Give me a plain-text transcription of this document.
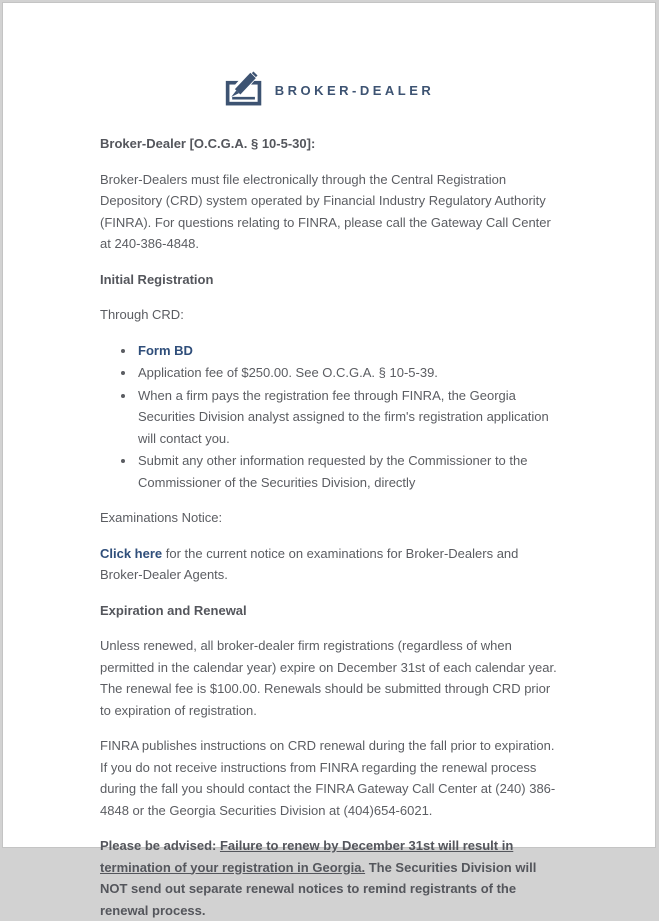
BROKER-DEALER
Broker-Dealer [O.C.G.A. § 10-5-30]:

Broker-Dealers must file electronically through the Central Registration Depository (CRD) system operated by Financial Industry Regulatory Authority (FINRA). For questions relating to FINRA, please call the Gateway Call Center at 240-386-4848.

Initial Registration

Through CRD:

• Form BD
• Application fee of $250.00. See O.C.G.A. § 10-5-39.
• When a firm pays the registration fee through FINRA, the Georgia Securities Division analyst assigned to the firm's registration application will contact you.
• Submit any other information requested by the Commissioner to the Commissioner of the Securities Division, directly

Examinations Notice:

Click here for the current notice on examinations for Broker-Dealers and Broker-Dealer Agents.

Expiration and Renewal

Unless renewed, all broker-dealer firm registrations (regardless of when permitted in the calendar year) expire on December 31st of each calendar year. The renewal fee is $100.00. Renewals should be submitted through CRD prior to expiration of registration.

FINRA publishes instructions on CRD renewal during the fall prior to expiration. If you do not receive instructions from FINRA regarding the renewal process during the fall you should contact the FINRA Gateway Call Center at (240) 386-4848 or the Georgia Securities Division at (404)654-6021.

Please be advised: Failure to renew by December 31st will result in termination of your registration in Georgia. The Securities Division will NOT send out separate renewal notices to remind registrants of the renewal process.
